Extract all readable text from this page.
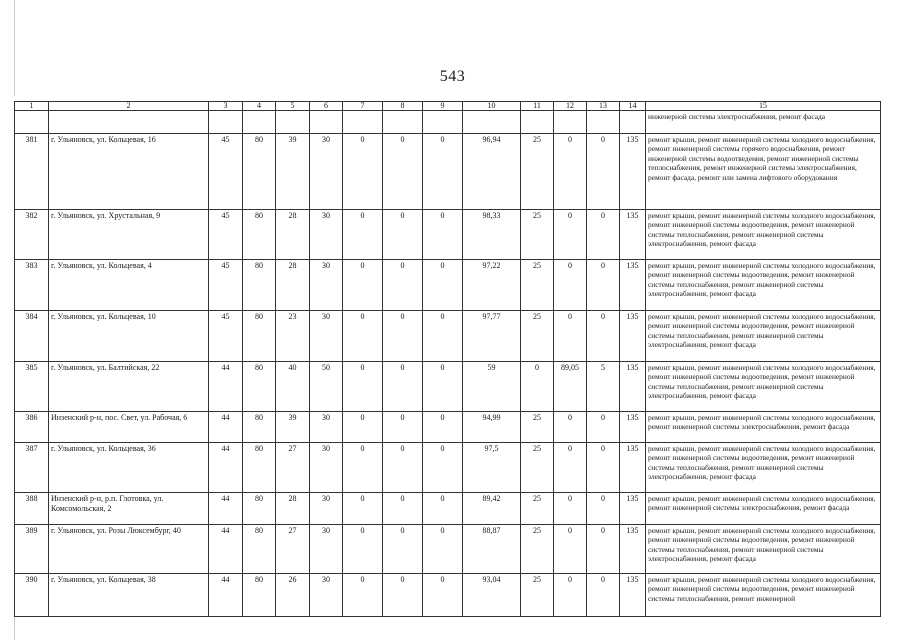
543
1	2	3	4	5	6	7	8	9	10	11	12	13	14	15
														инженерной системы электроснабжения, ремонт фасада
381	г. Ульяновск, ул. Кольцевая, 16	45	80	39	30	0	0	0	96,94	25	0	0	135	ремонт крыши, ремонт инженерной системы холодного водоснабжения, ремонт инженерной системы горячего водоснабжения, ремонт инженерной системы водоотведения, ремонт инженерной системы теплоснабжения, ремонт инженерной системы электроснабжения, ремонт фасада, ремонт или замена лифтового оборудования
382	г. Ульяновск, ул. Хрустальная, 9	45	80	28	30	0	0	0	98,33	25	0	0	135	ремонт крыши, ремонт инженерной системы холодного водоснабжения, ремонт инженерной системы водоотведения, ремонт инженерной системы теплоснабжения, ремонт инженерной системы электроснабжения, ремонт фасада
383	г. Ульяновск, ул. Кольцевая, 4	45	80	28	30	0	0	0	97,22	25	0	0	135	ремонт крыши, ремонт инженерной системы холодного водоснабжения, ремонт инженерной системы водоотведения, ремонт инженерной системы теплоснабжения, ремонт инженерной системы электроснабжения, ремонт фасада
384	г. Ульяновск, ул. Кольцевая, 10	45	80	23	30	0	0	0	97,77	25	0	0	135	ремонт крыши, ремонт инженерной системы холодного водоснабжения, ремонт инженерной системы водоотведения, ремонт инженерной системы теплоснабжения, ремонт инженерной системы электроснабжения, ремонт фасада
385	г. Ульяновск, ул. Балтийская, 22	44	80	40	50	0	0	0	59	0	89,05	5	135	ремонт крыши, ремонт инженерной системы холодного водоснабжения, ремонт инженерной системы водоотведения, ремонт инженерной системы теплоснабжения, ремонт инженерной системы электроснабжения, ремонт фасада
386	Инзенский р-н, пос. Свет, ул. Рабочая, 6	44	80	39	30	0	0	0	94,99	25	0	0	135	ремонт крыши, ремонт инженерной системы холодного водоснабжения, ремонт инженерной системы электроснабжения, ремонт фасада
387	г. Ульяновск, ул. Кольцевая, 36	44	80	27	30	0	0	0	97,5	25	0	0	135	ремонт крыши, ремонт инженерной системы холодного водоснабжения, ремонт инженерной системы водоотведения, ремонт инженерной системы теплоснабжения, ремонт инженерной системы электроснабжения, ремонт фасада
388	Инзенский р-н, р.п. Глотовка, ул. Комсомольская, 2	44	80	28	30	0	0	0	89,42	25	0	0	135	ремонт крыши, ремонт инженерной системы холодного водоснабжения, ремонт инженерной системы электроснабжения, ремонт фасада
389	г. Ульяновск, ул. Розы Люксембург, 40	44	80	27	30	0	0	0	88,87	25	0	0	135	ремонт крыши, ремонт инженерной системы холодного водоснабжения, ремонт инженерной системы водоотведения, ремонт инженерной системы теплоснабжения, ремонт инженерной системы электроснабжения, ремонт фасада
390	г. Ульяновск, ул. Кольцевая, 38	44	80	26	30	0	0	0	93,04	25	0	0	135	ремонт крыши, ремонт инженерной системы холодного водоснабжения, ремонт инженерной системы водоотведения, ремонт инженерной системы теплоснабжения, ремонт инженерной
